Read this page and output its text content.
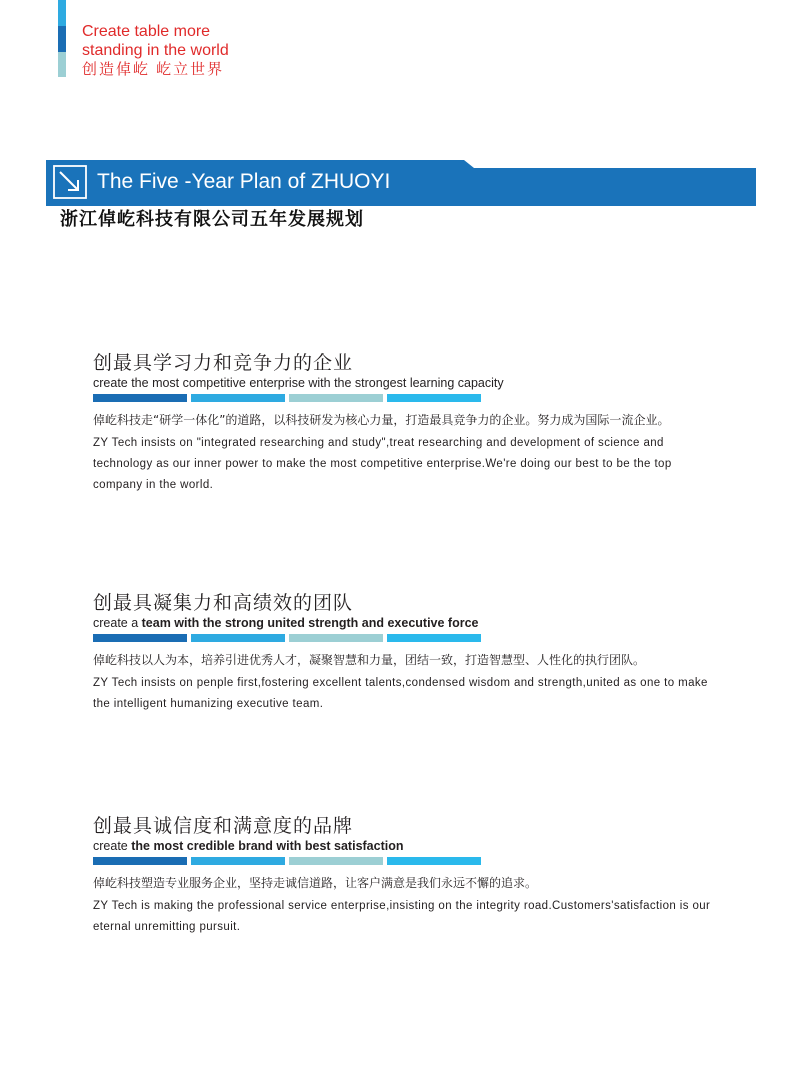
Create table more
standing in the world
创造倬屹 屹立世界
The Five -Year Plan of ZHUOYI
浙江倬屹科技有限公司五年发展规划
创最具学习力和竞争力的企业
create the most competitive enterprise with the strongest learning capacity
倬屹科技走“研学一体化”的道路，以科技研发为核心力量，打造最具竞争力的企业。努力成为国际一流企业。
ZY Tech insists on "integrated researching and study",treat researching and development of science and technology as our inner power to make the most competitive enterprise.We're doing our best to be the top company in the world.
创最具凝集力和高绩效的团队
create a team with the strong united strength and executive force
倬屹科技以人为本，培养引进优秀人才，凝聚智慧和力量，团结一致，打造智慧型、人性化的执行团队。
ZY Tech insists on penple first,fostering excellent talents,condensed wisdom and strength,united as one to make the intelligent humanizing executive team.
创最具诚信度和满意度的品牌
create the most credible brand with best satisfaction
倬屹科技塑造专业服务企业，坚持走诚信道路，让客户满意是我们永远不懈的追求。
ZY Tech is making the professional service enterprise,insisting on the integrity road.Customers'satisfaction is our eternal unremitting pursuit.
